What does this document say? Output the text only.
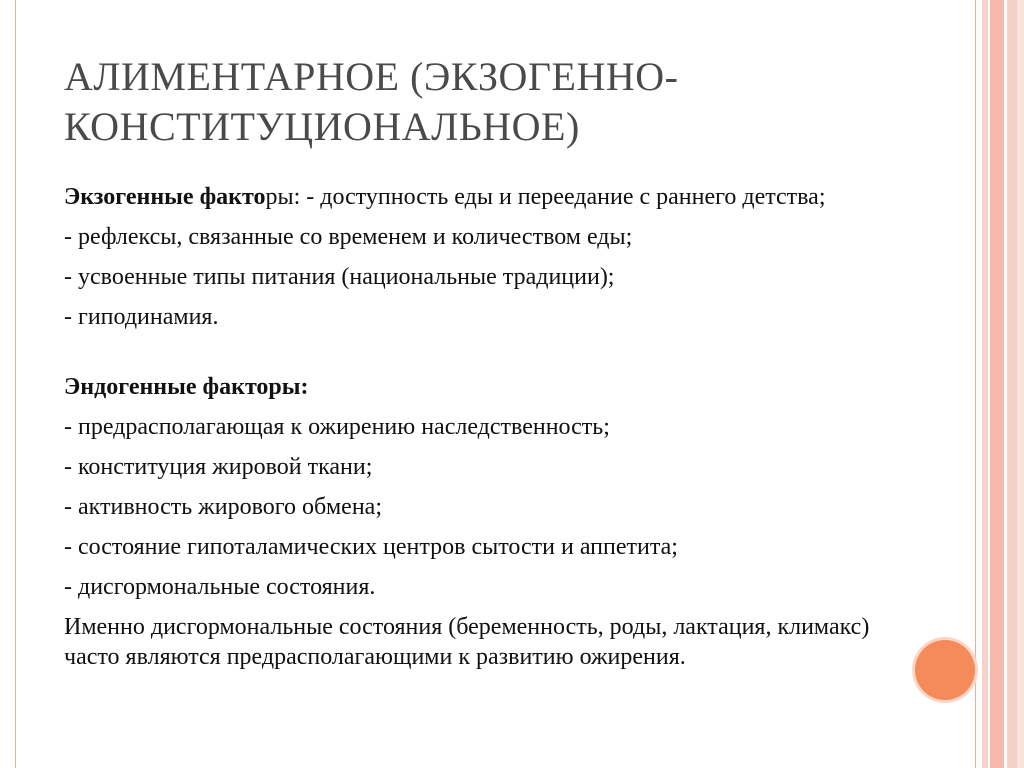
АЛИМЕНТАРНОЕ (ЭКЗОГЕННО-
КОНСТИТУЦИОНАЛЬНОЕ)

Экзогенные факторы: - доступность еды и переедание с раннего детства;

- рефлексы, связанные со временем и количеством еды;

- усвоенные типы питания (национальные традиции);

- гиподинамия.

Эндогенные факторы:

- предрасполагающая к ожирению наследственность;

- конституция жировой ткани;

- активность жирового обмена;

- состояние гипоталамических центров сытости и аппетита;

- дисгормональные состояния.

Именно дисгормональные состояния (беременность, роды, лактация, климакс) часто являются предрасполагающими к развитию ожирения.
